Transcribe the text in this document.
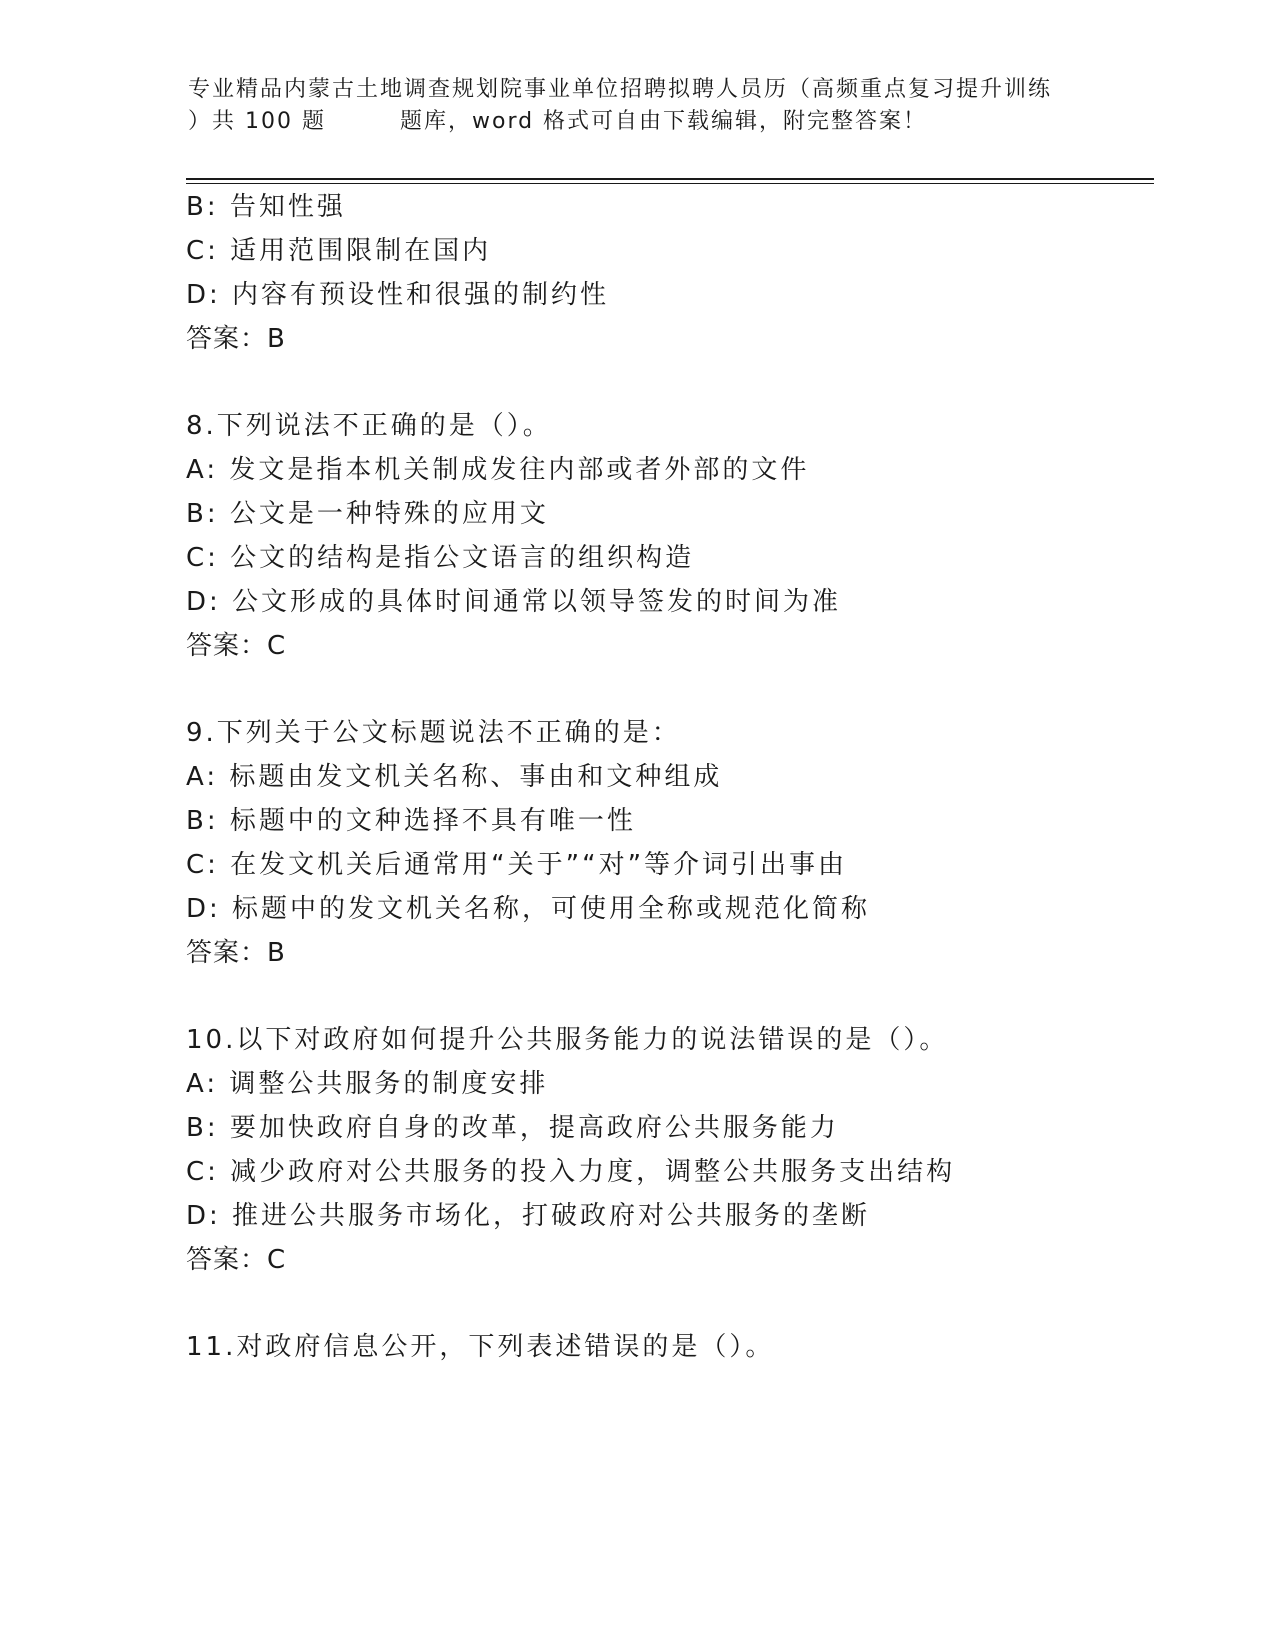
专业精品内蒙古土地调查规划院事业单位招聘拟聘人员历（高频重点复习提升训练
）共 100 题	题库，word 格式可自由下载编辑，附完整答案！
B: 告知性强
C: 适用范围限制在国内
D: 内容有预设性和很强的制约性
答案：B
8.下列说法不正确的是（）。
A: 发文是指本机关制成发往内部或者外部的文件
B: 公文是一种特殊的应用文
C: 公文的结构是指公文语言的组织构造
D: 公文形成的具体时间通常以领导签发的时间为准
答案：C
9.下列关于公文标题说法不正确的是：
A: 标题由发文机关名称、事由和文种组成
B: 标题中的文种选择不具有唯一性
C: 在发文机关后通常用“关于”“对”等介词引出事由
D: 标题中的发文机关名称，可使用全称或规范化简称
答案：B
10.以下对政府如何提升公共服务能力的说法错误的是（）。
A: 调整公共服务的制度安排
B: 要加快政府自身的改革，提高政府公共服务能力
C: 减少政府对公共服务的投入力度，调整公共服务支出结构
D: 推进公共服务市场化，打破政府对公共服务的垄断
答案：C
11.对政府信息公开，下列表述错误的是（）。
